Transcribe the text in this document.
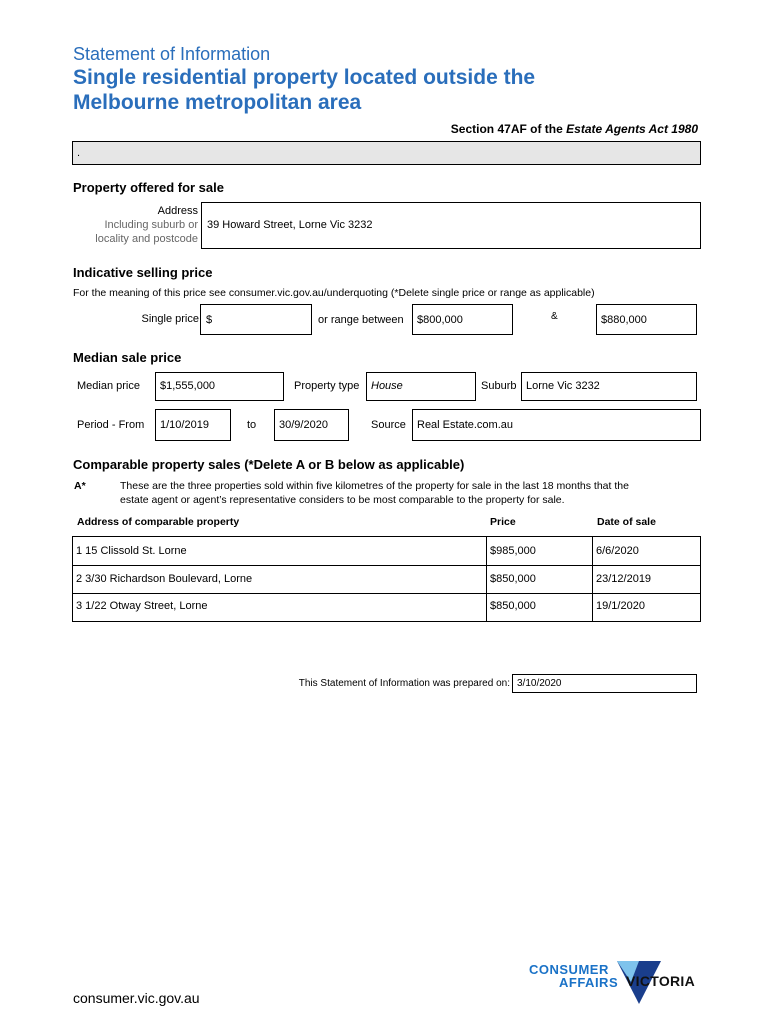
Statement of Information
Single residential property located outside the
Melbourne metropolitan area
Section 47AF of the Estate Agents Act 1980
.
Property offered for sale
Address
Including suburb or
locality and postcode
39 Howard Street, Lorne Vic 3232
Indicative selling price
For the meaning of this price see consumer.vic.gov.au/underquoting (*Delete single price or range as applicable)
Single price $	or range between $800,000	&	$880,000
Median sale price
Median price $1,555,000	Property type House	Suburb Lorne Vic 3232
Period - From 1/10/2019	to 30/9/2020	Source Real Estate.com.au
Comparable property sales (*Delete A or B below as applicable)
A*	These are the three properties sold within five kilometres of the property for sale in the last 18 months that the
estate agent or agent’s representative considers to be most comparable to the property for sale.
Address of comparable property	Price	Date of sale
1 15 Clissold St. Lorne	$985,000	6/6/2020
2 3/30 Richardson Boulevard, Lorne	$850,000	23/12/2019
3 1/22 Otway Street, Lorne	$850,000	19/1/2020
This Statement of Information was prepared on: 3/10/2020
consumer.vic.gov.au
CONSUMER
AFFAIRS VICTORIA
